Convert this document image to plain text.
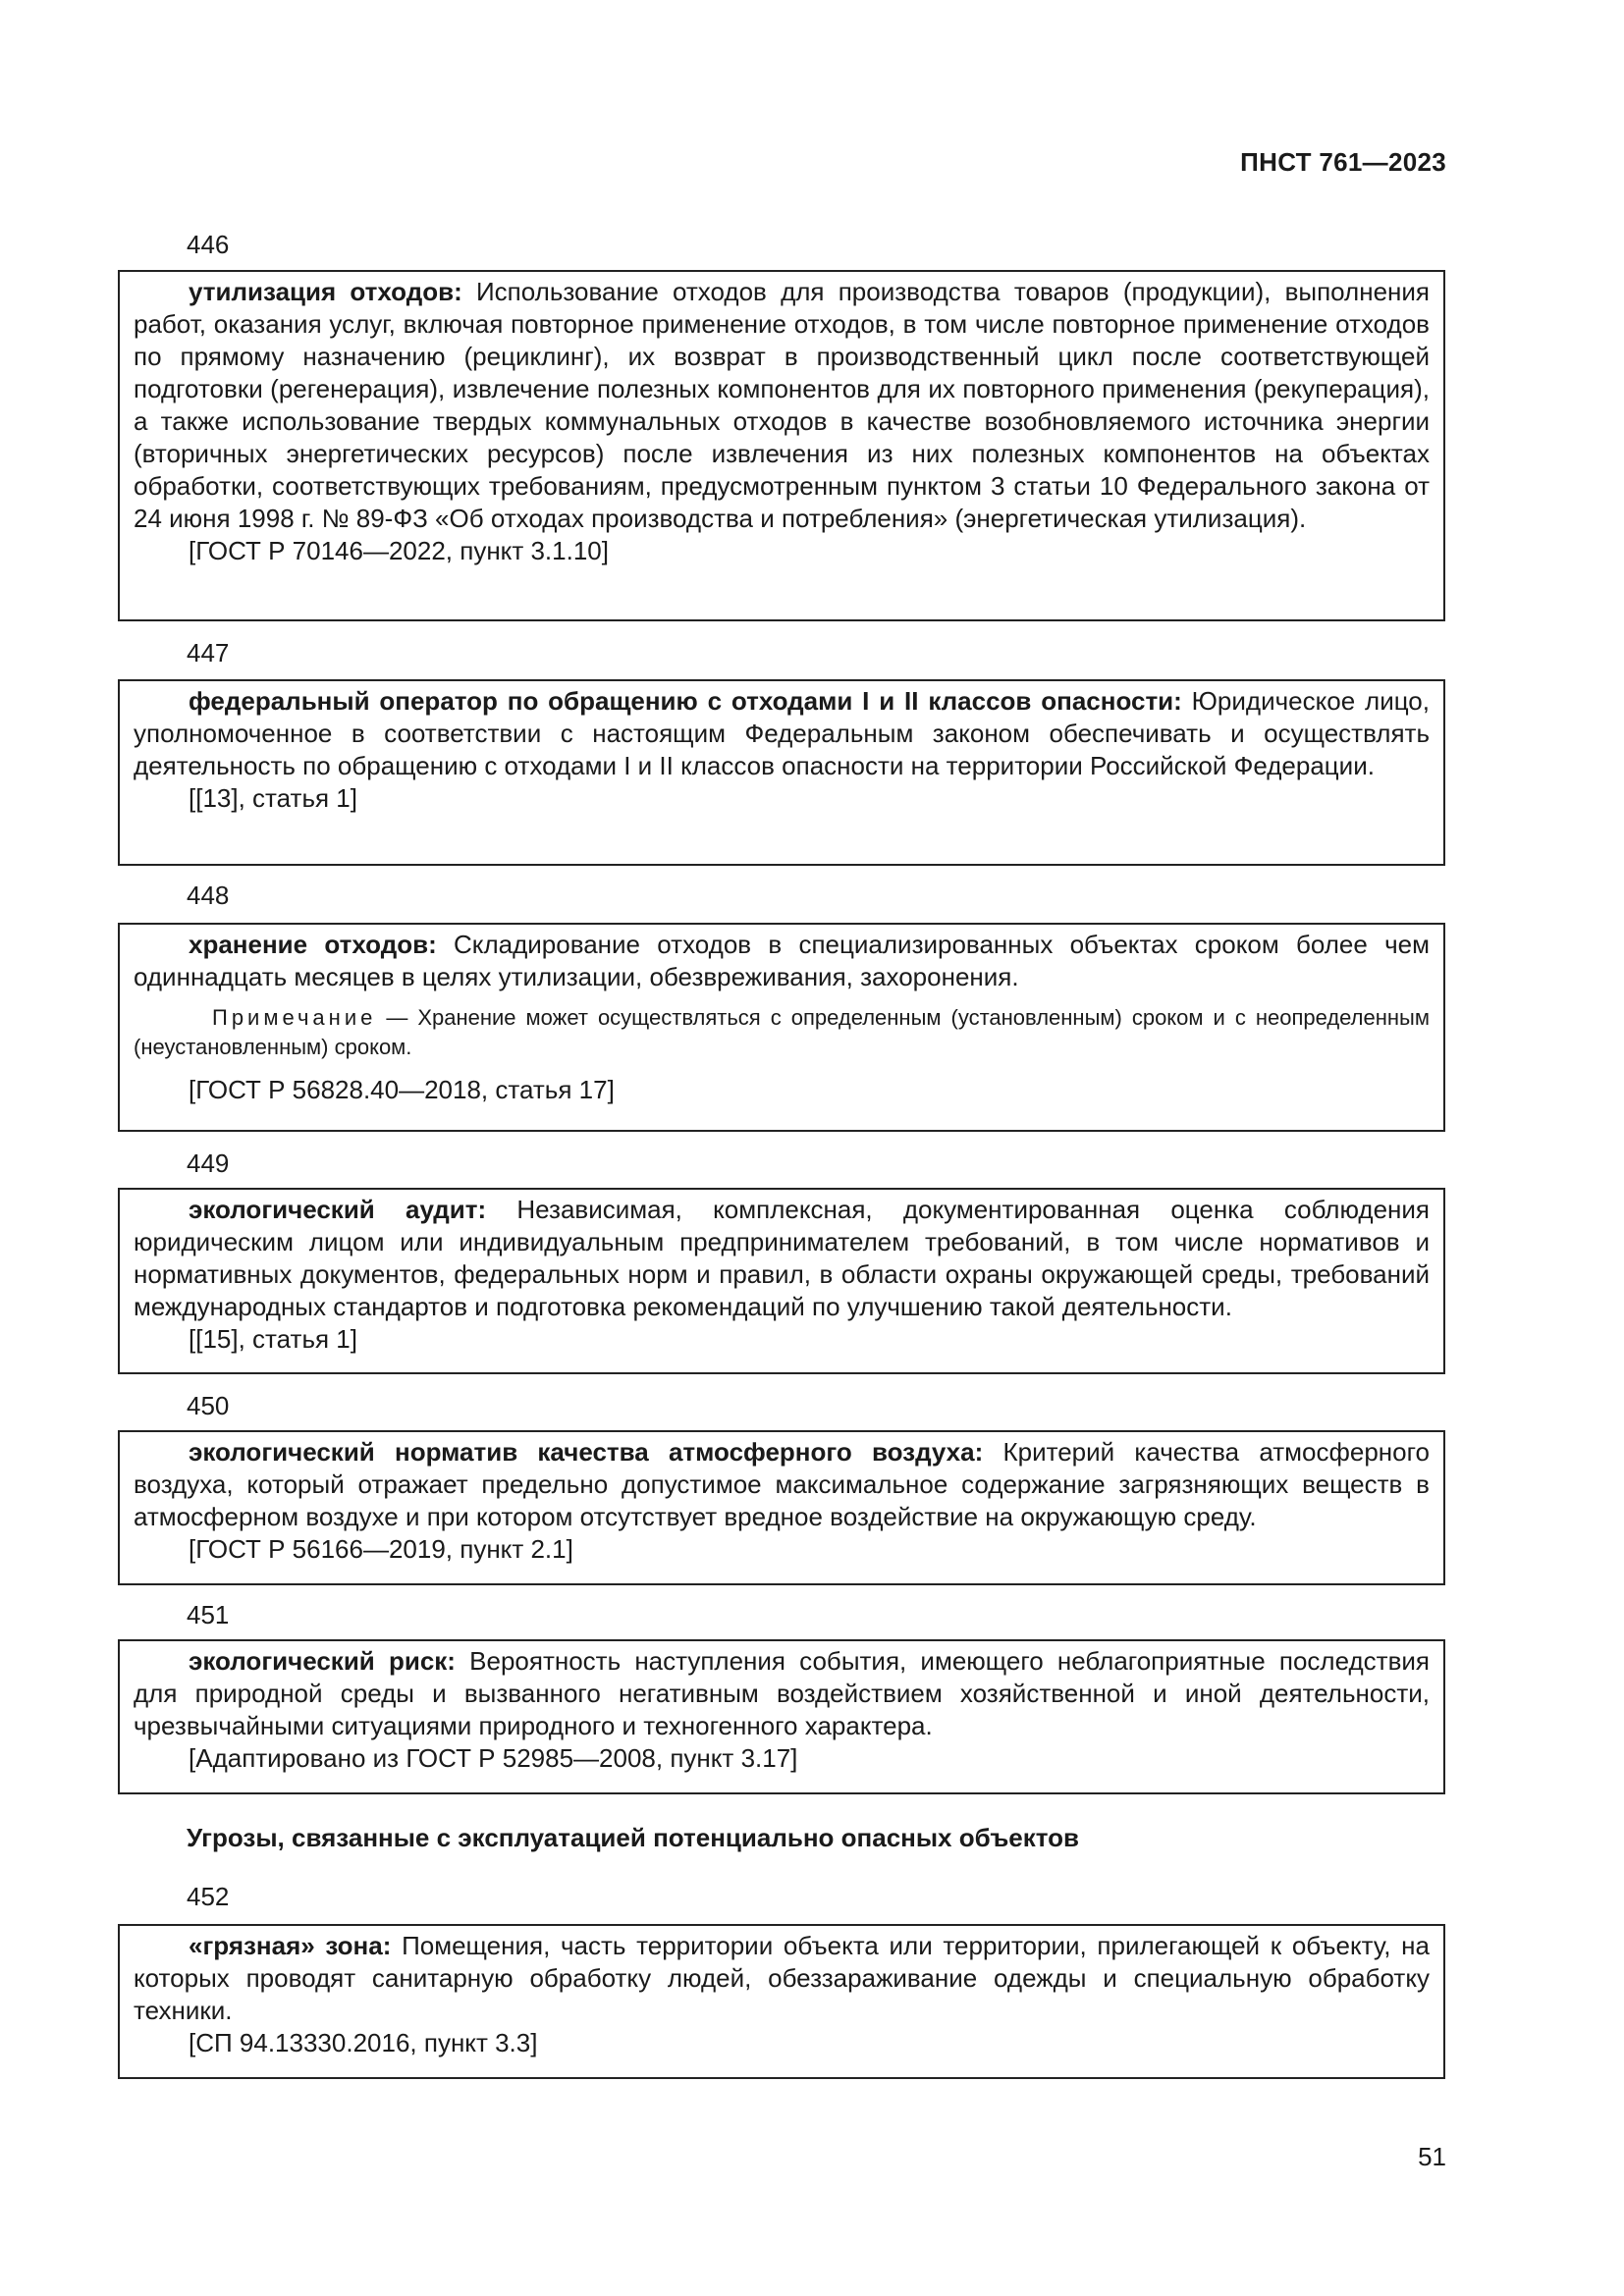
ПНСТ 761—2023
446

утилизация отходов: Использование отходов для производства товаров (продукции), выполнения работ, оказания услуг, включая повторное применение отходов, в том числе повторное применение отходов по прямому назначению (рециклинг), их возврат в производственный цикл после соответствующей подготовки (регенерация), извлечение полезных компонентов для их повторного применения (рекуперация), а также использование твердых коммунальных отходов в качестве возобновляемого источника энергии (вторичных энергетических ресурсов) после извлечения из них полезных компонентов на объектах обработки, соответствующих требованиям, предусмотренным пунктом 3 статьи 10 Федерального закона от 24 июня 1998 г. № 89-ФЗ «Об отходах производства и потребления» (энергетическая утилизация).

[ГОСТ Р 70146—2022, пункт 3.1.10]

447

федеральный оператор по обращению с отходами I и II классов опасности: Юридическое лицо, уполномоченное в соответствии с настоящим Федеральным законом обеспечивать и осуществлять деятельность по обращению с отходами I и II классов опасности на территории Российской Федерации.

[[13], статья 1]

448

хранение отходов: Складирование отходов в специализированных объектах сроком более чем одиннадцать месяцев в целях утилизации, обезвреживания, захоронения.

Примечание — Хранение может осуществляться с определенным (установленным) сроком и с неопределенным (неустановленным) сроком.

[ГОСТ Р 56828.40—2018, статья 17]

449

экологический аудит: Независимая, комплексная, документированная оценка соблюдения юридическим лицом или индивидуальным предпринимателем требований, в том числе нормативов и нормативных документов, федеральных норм и правил, в области охраны окружающей среды, требований международных стандартов и подготовка рекомендаций по улучшению такой деятельности.

[[15], статья 1]

450

экологический норматив качества атмосферного воздуха: Критерий качества атмосферного воздуха, который отражает предельно допустимое максимальное содержание загрязняющих веществ в атмосферном воздухе и при котором отсутствует вредное воздействие на окружающую среду.

[ГОСТ Р 56166—2019, пункт 2.1]

451

экологический риск: Вероятность наступления события, имеющего неблагоприятные последствия для природной среды и вызванного негативным воздействием хозяйственной и иной деятельности, чрезвычайными ситуациями природного и техногенного характера.

[Адаптировано из ГОСТ Р 52985—2008, пункт 3.17]

Угрозы, связанные с эксплуатацией потенциально опасных объектов
452

«грязная» зона: Помещения, часть территории объекта или территории, прилегающей к объекту, на которых проводят санитарную обработку людей, обеззараживание одежды и специальную обработку техники.

[СП 94.13330.2016, пункт 3.3]

51
